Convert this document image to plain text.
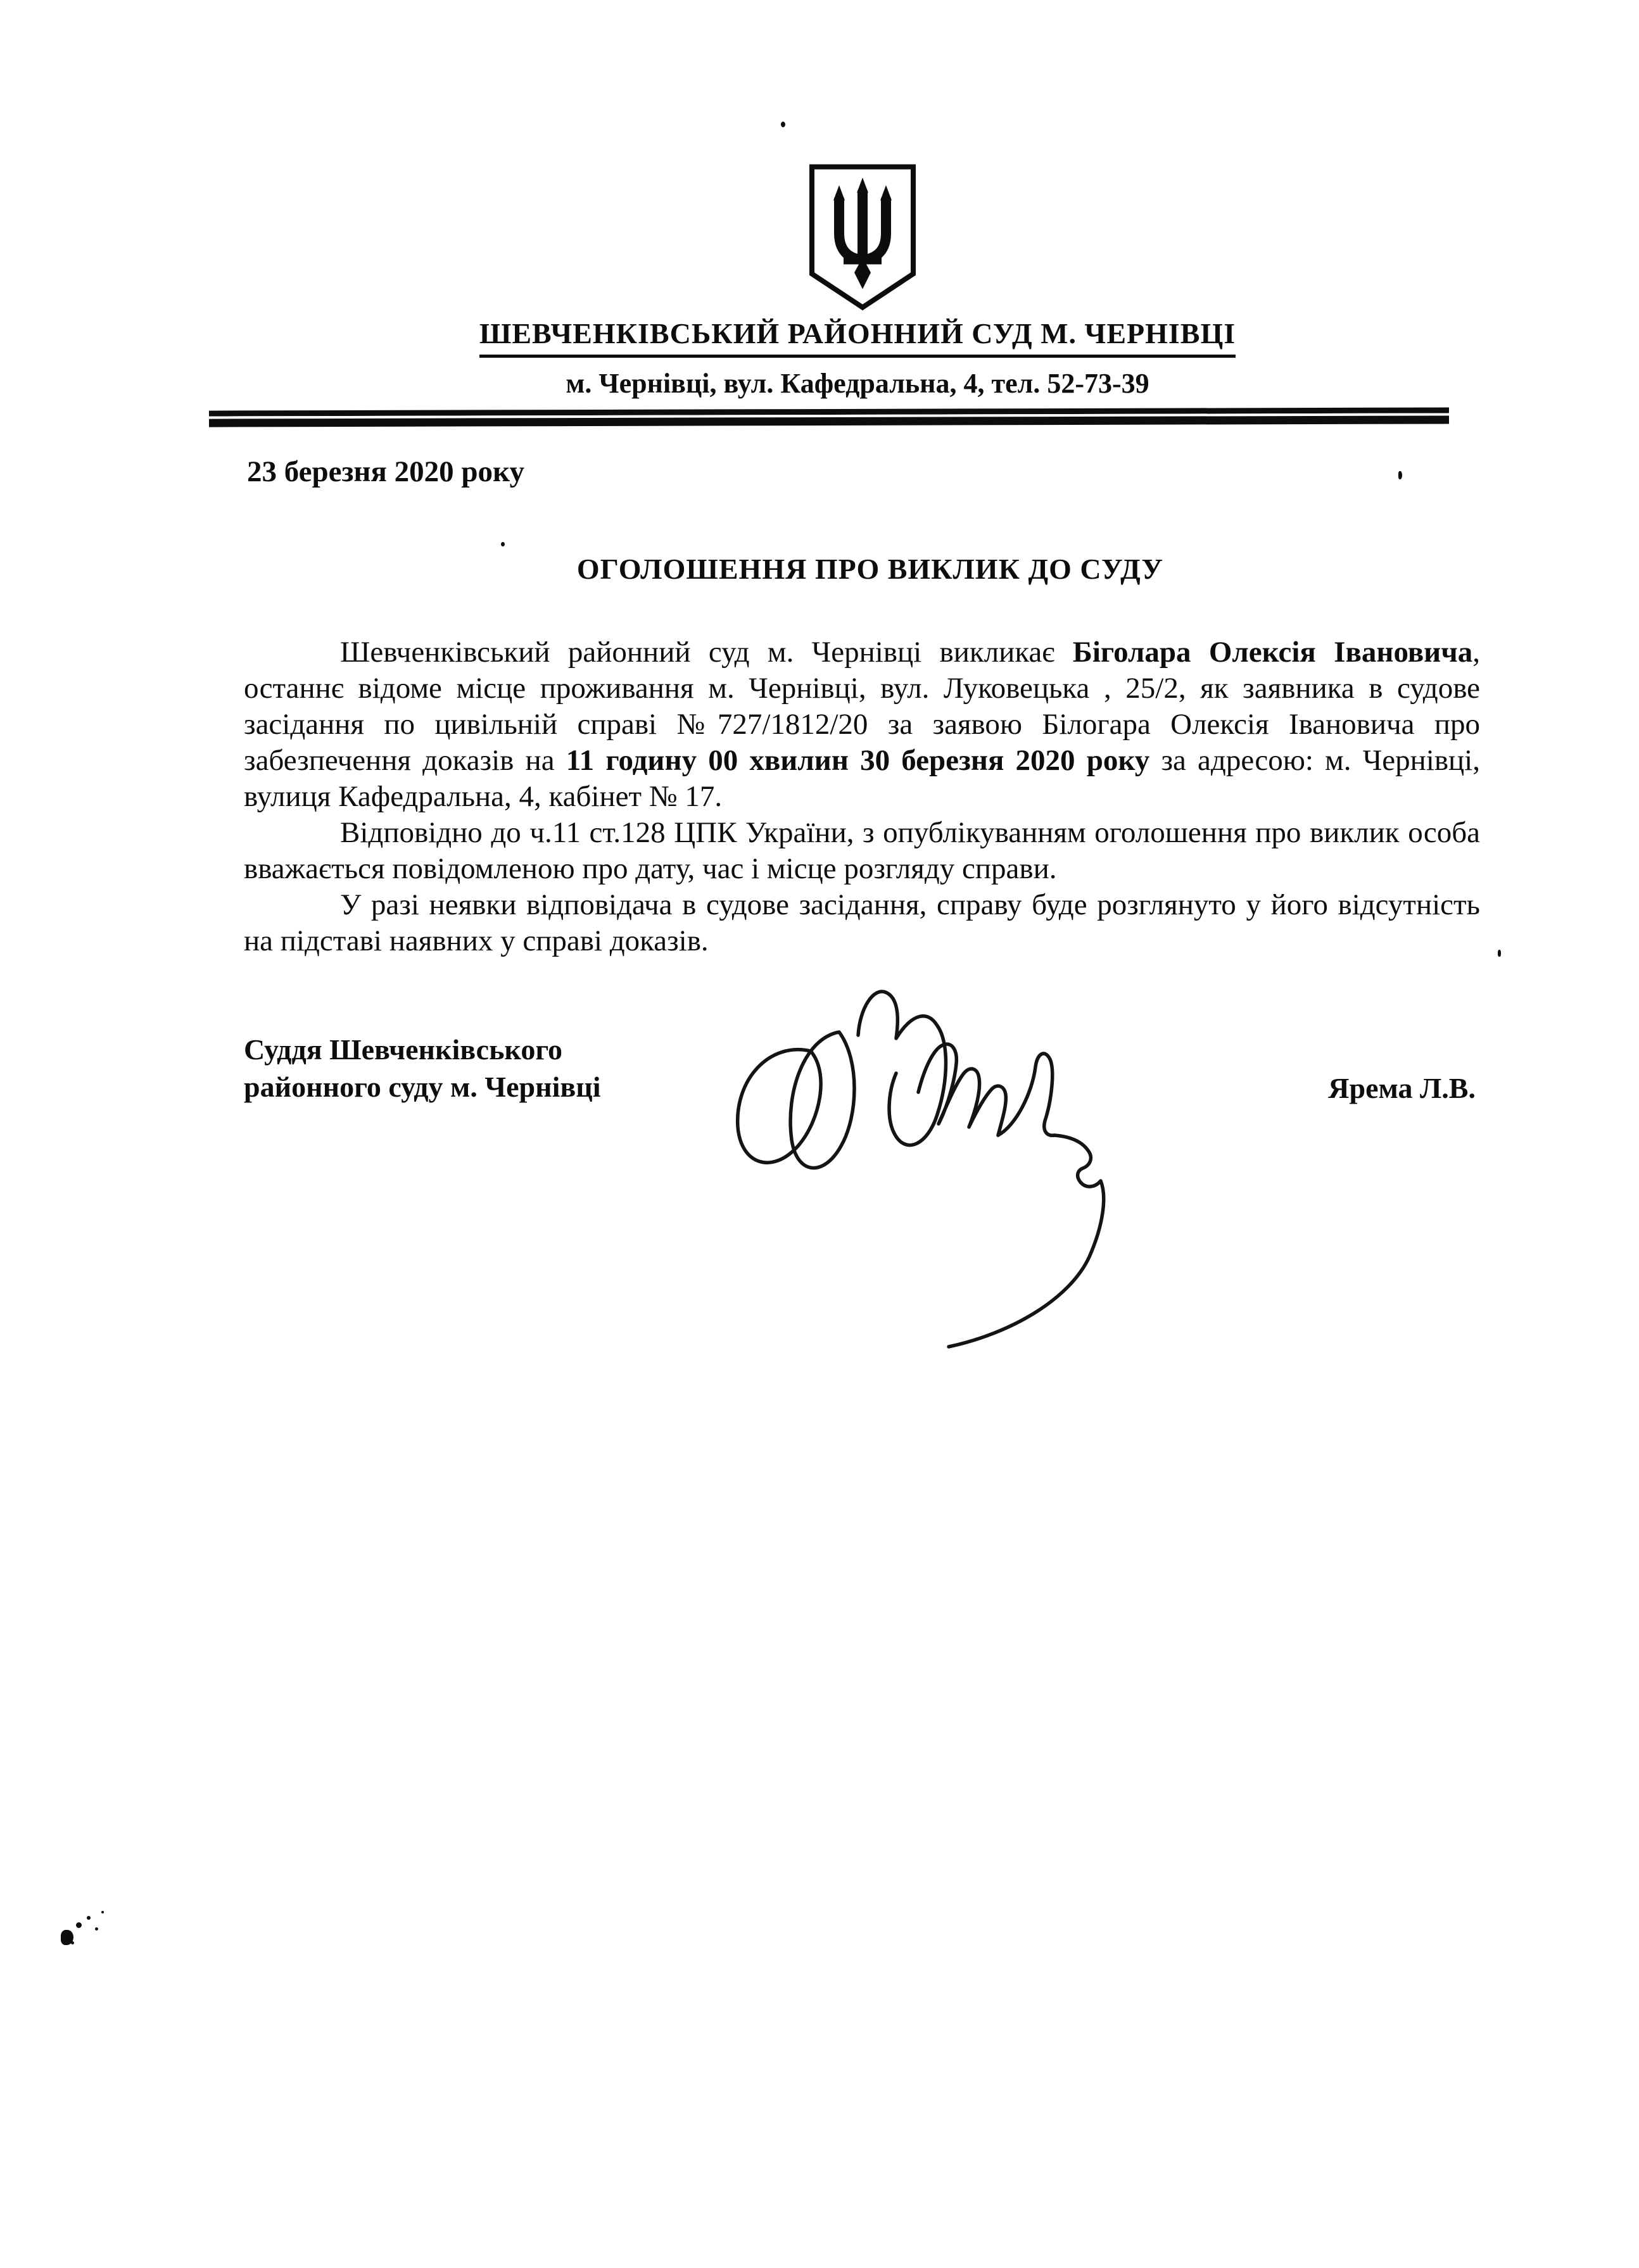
ШЕВЧЕНКІВСЬКИЙ РАЙОННИЙ СУД М. ЧЕРНІВЦІ
м. Чернівці, вул. Кафедральна, 4, тел. 52-73-39
23 березня 2020 року
ОГОЛОШЕННЯ ПРО ВИКЛИК ДО СУДУ

Шевченківський районний суд м. Чернівці викликає Біголара Олексія Івановича, останнє відоме місце проживання м. Чернівці, вул. Луковецька , 25/2, як заявника в судове засідання по цивільній справі №727/1812/20 за заявою Білогара Олексія Івановича про забезпечення доказів на 11 годину 00 хвилин 30 березня 2020 року за адресою: м. Чернівці, вулиця Кафедральна, 4, кабінет № 17.

Відповідно до ч.11 ст.128 ЦПК України, з опублікуванням оголошення про виклик особа вважається повідомленою про дату, час і місце розгляду справи.

У разі неявки відповідача в судове засідання, справу буде розглянуто у його відсутність на підставі наявних у справі доказів.

Суддя Шевченківського
районного суду м. Чернівці	Ярема Л.В.
